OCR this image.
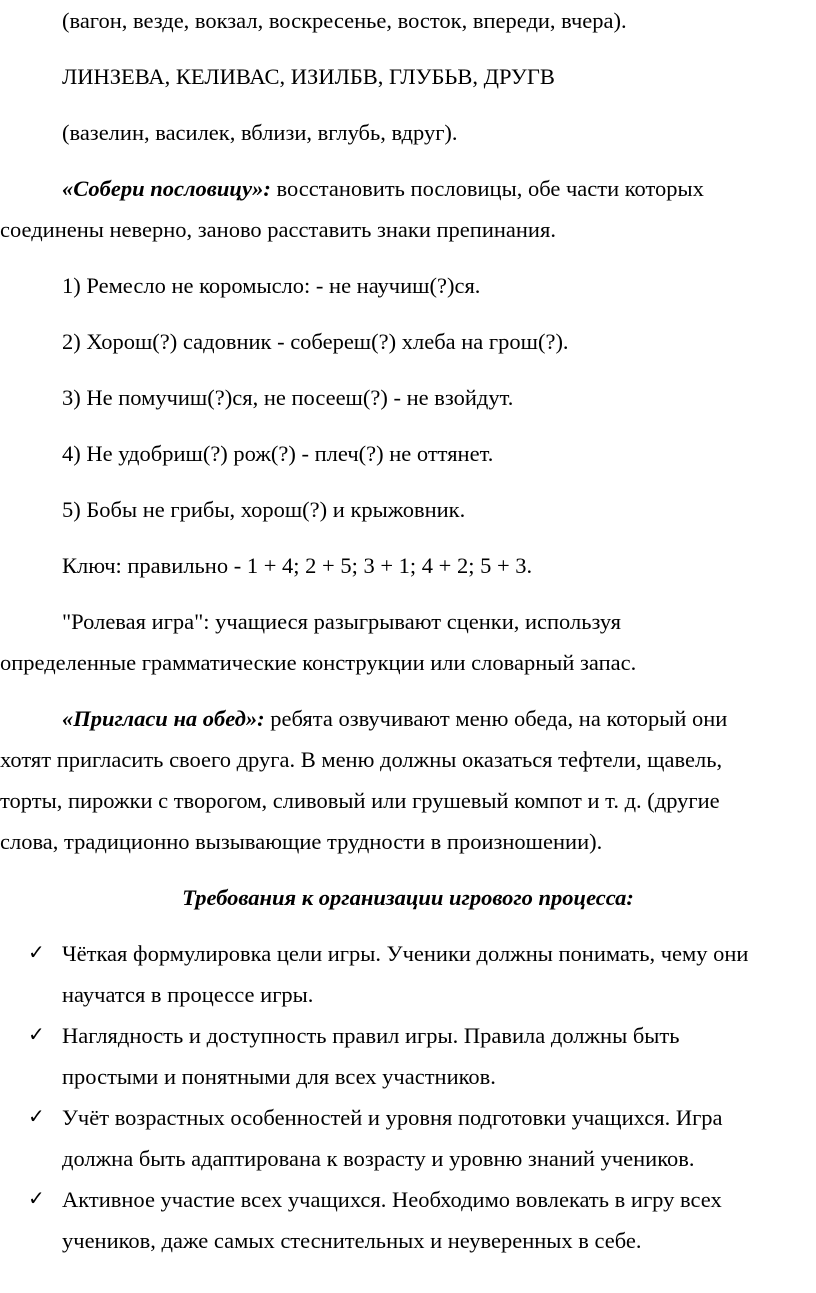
(вагон, везде, вокзал, воскресенье, восток, впереди, вчера).
ЛИНЗЕВА, КЕЛИВАС, ИЗИЛБВ, ГЛУБЬВ, ДРУГВ
(вазелин, василек, вблизи, вглубь, вдруг).
«Собери пословицу»: восстановить пословицы, обе части которых
соединены неверно, заново расставить знаки препинания.
1) Ремесло не коромысло: - не научиш(?)ся.
2) Хорош(?) садовник - собереш(?) хлеба на грош(?).
3) Не помучиш(?)ся, не посееш(?) - не взойдут.
4) Не удобриш(?) рож(?) - плеч(?) не оттянет.
5) Бобы не грибы, хорош(?) и крыжовник.
Ключ: правильно - 1 + 4; 2 + 5; 3 + 1; 4 + 2; 5 + 3.
"Ролевая игра": учащиеся разыгрывают сценки, используя
определенные грамматические конструкции или словарный запас.
«Пригласи на обед»: ребята озвучивают меню обеда, на который они
хотят пригласить своего друга. В меню должны оказаться тефтели, щавель,
торты, пирожки с творогом, сливовый или грушевый компот и т. д. (другие
слова, традиционно вызывающие трудности в произношении).
Требования к организации игрового процесса:
✓ Чёткая формулировка цели игры. Ученики должны понимать, чему они
научатся в процессе игры.
✓ Наглядность и доступность правил игры. Правила должны быть
простыми и понятными для всех участников.
✓ Учёт возрастных особенностей и уровня подготовки учащихся. Игра
должна быть адаптирована к возрасту и уровню знаний учеников.
✓ Активное участие всех учащихся. Необходимо вовлекать в игру всех
учеников, даже самых стеснительных и неуверенных в себе.
